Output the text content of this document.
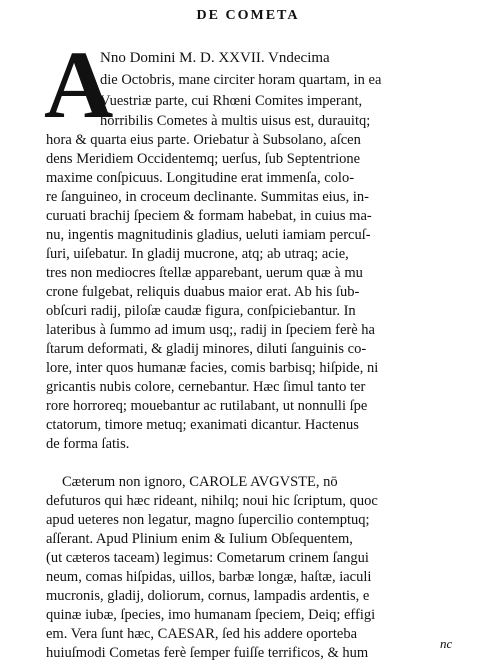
DE COMETA
A
Nno Domini M. D. XXVII. Vndecima
die Octobris, mane circiter horam quartam, in ea
Vuestriæ parte, cui Rhœni Comites imperant,
horribilis Cometes à multis uisus est, durauitq;
hora & quarta eius parte. Oriebatur à Subsolano, aſcen
dens Meridiem Occidentemq; uerſus, ſub Septentrione
maxime conſpicuus. Longitudine erat immenſa, colo-
re ſanguineo, in croceum declinante. Summitas eius, in-
curuati brachij ſpeciem & formam habebat, in cuius ma-
nu, ingentis magnitudinis gladius, ueluti iamiam percuſ-
ſuri, uiſebatur. In gladij mucrone, atq; ab utraq; acie,
tres non mediocres ſtellæ apparebant, uerum quæ à mu
crone fulgebat, reliquis duabus maior erat. Ab his ſub-
obſcuri radij, piloſæ caudæ figura, conſpiciebantur. In
lateribus à ſummo ad imum usq;, radij in ſpeciem ferè ha
ſtarum deformati, & gladij minores, diluti ſanguinis co-
lore, inter quos humanæ facies, comis barbisq; hiſpide, ni
gricantis nubis colore, cernebantur. Hæc ſimul tanto ter
rore horroreq; mouebantur ac rutilabant, ut nonnulli ſpe
ctatorum, timore metuq; exanimati dicantur. Hactenus
de forma ſatis.
Cæterum non ignoro, CAROLE AVGVSTE, nō
defuturos qui hæc rideant, nihilq; noui hic ſcriptum, quoc
apud ueteres non legatur, magno ſupercilio contemptuq;
aſſerant. Apud Plinium enim & Iulium Obſequentem,
(ut cæteros taceam) legimus: Cometarum crinem ſangui
neum, comas hiſpidas, uillos, barbæ longæ, haſtæ, iaculi
mucronis, gladij, doliorum, cornus, lampadis ardentis, e
quinæ iubæ, ſpecies, imo humanam ſpeciem, Deiq; effigi
em. Vera ſunt hæc, CAESAR, ſed his addere oporteba
huiuſmodi Cometas ferè ſemper fuiſſe terrificos, & hum
nc
